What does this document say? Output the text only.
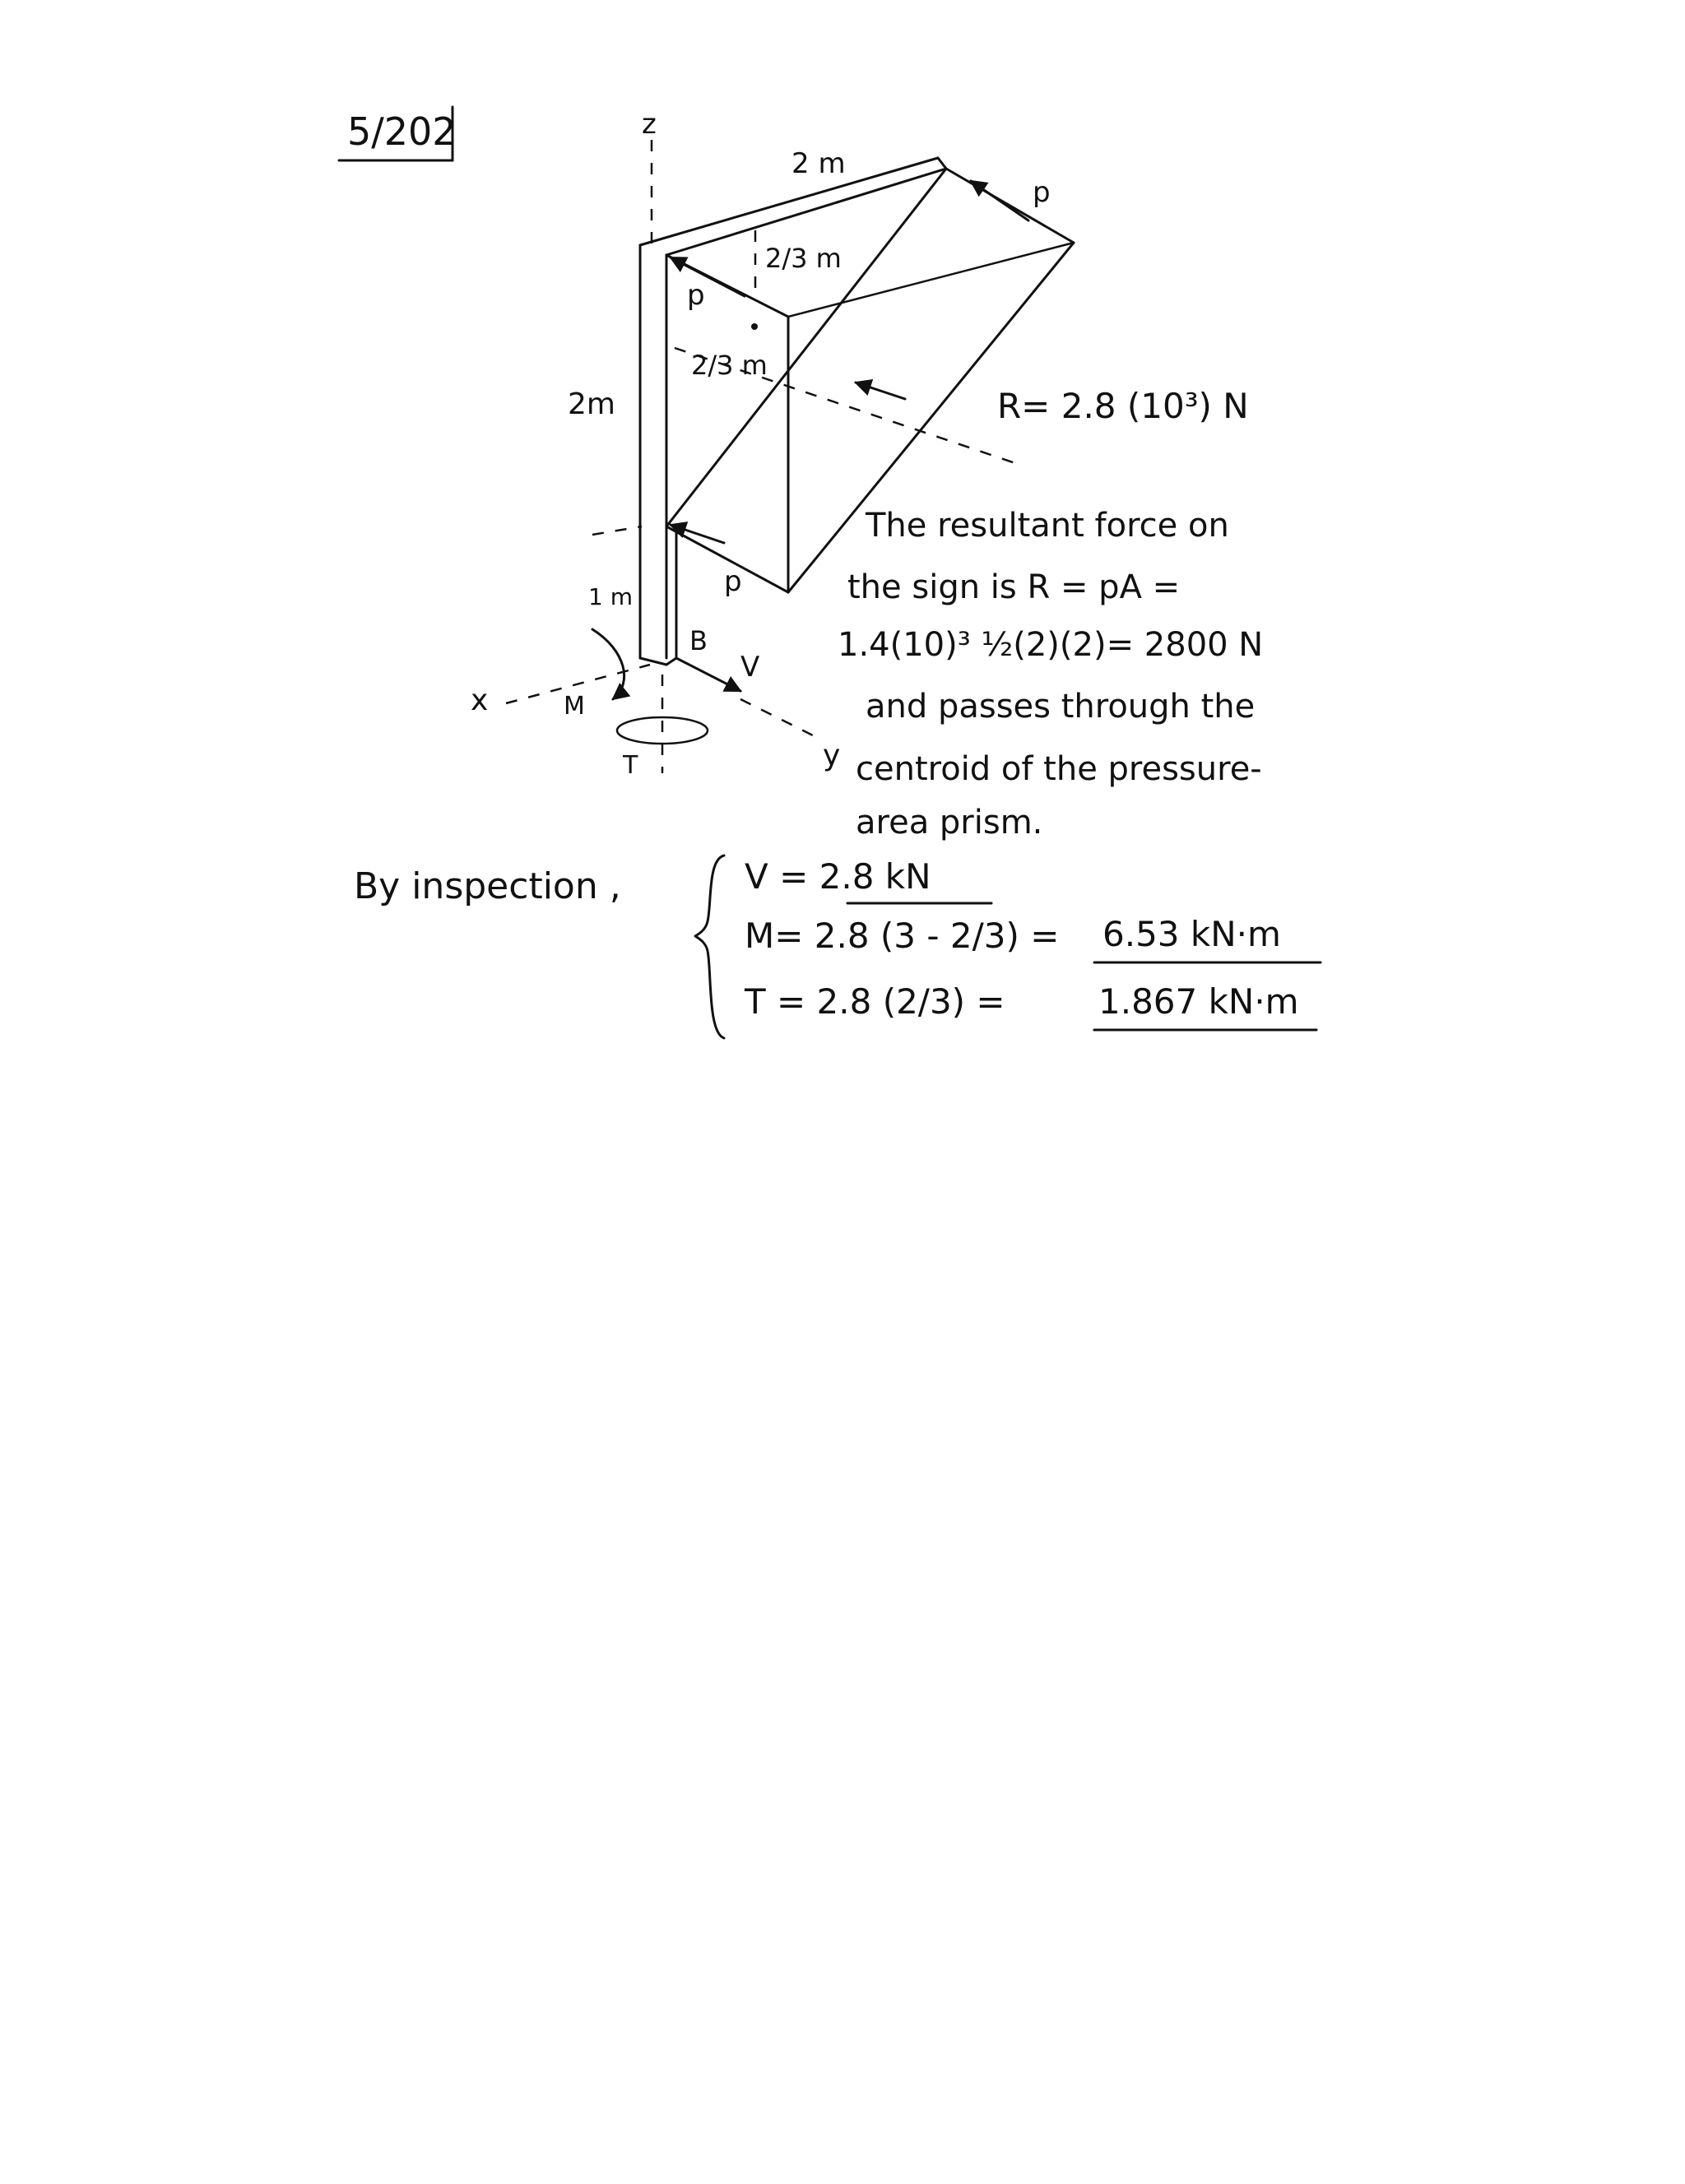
5/202	z
p
p
p
2 m
2/3 m
2/3 m
2m
1 m
B
V
x
y
M
T
R= 2.8 (10³) N
The resultant force on
the sign is R = pA =
1.4(10)³ ½(2)(2)= 2800 N
and passes through the
centroid of the pressure-
area prism.
By inspection ,	V = 2.8 kN
M= 2.8 (3 - 2/3) = 6.53 kN·m
T = 2.8 (2/3) =	1.867 kN·m
